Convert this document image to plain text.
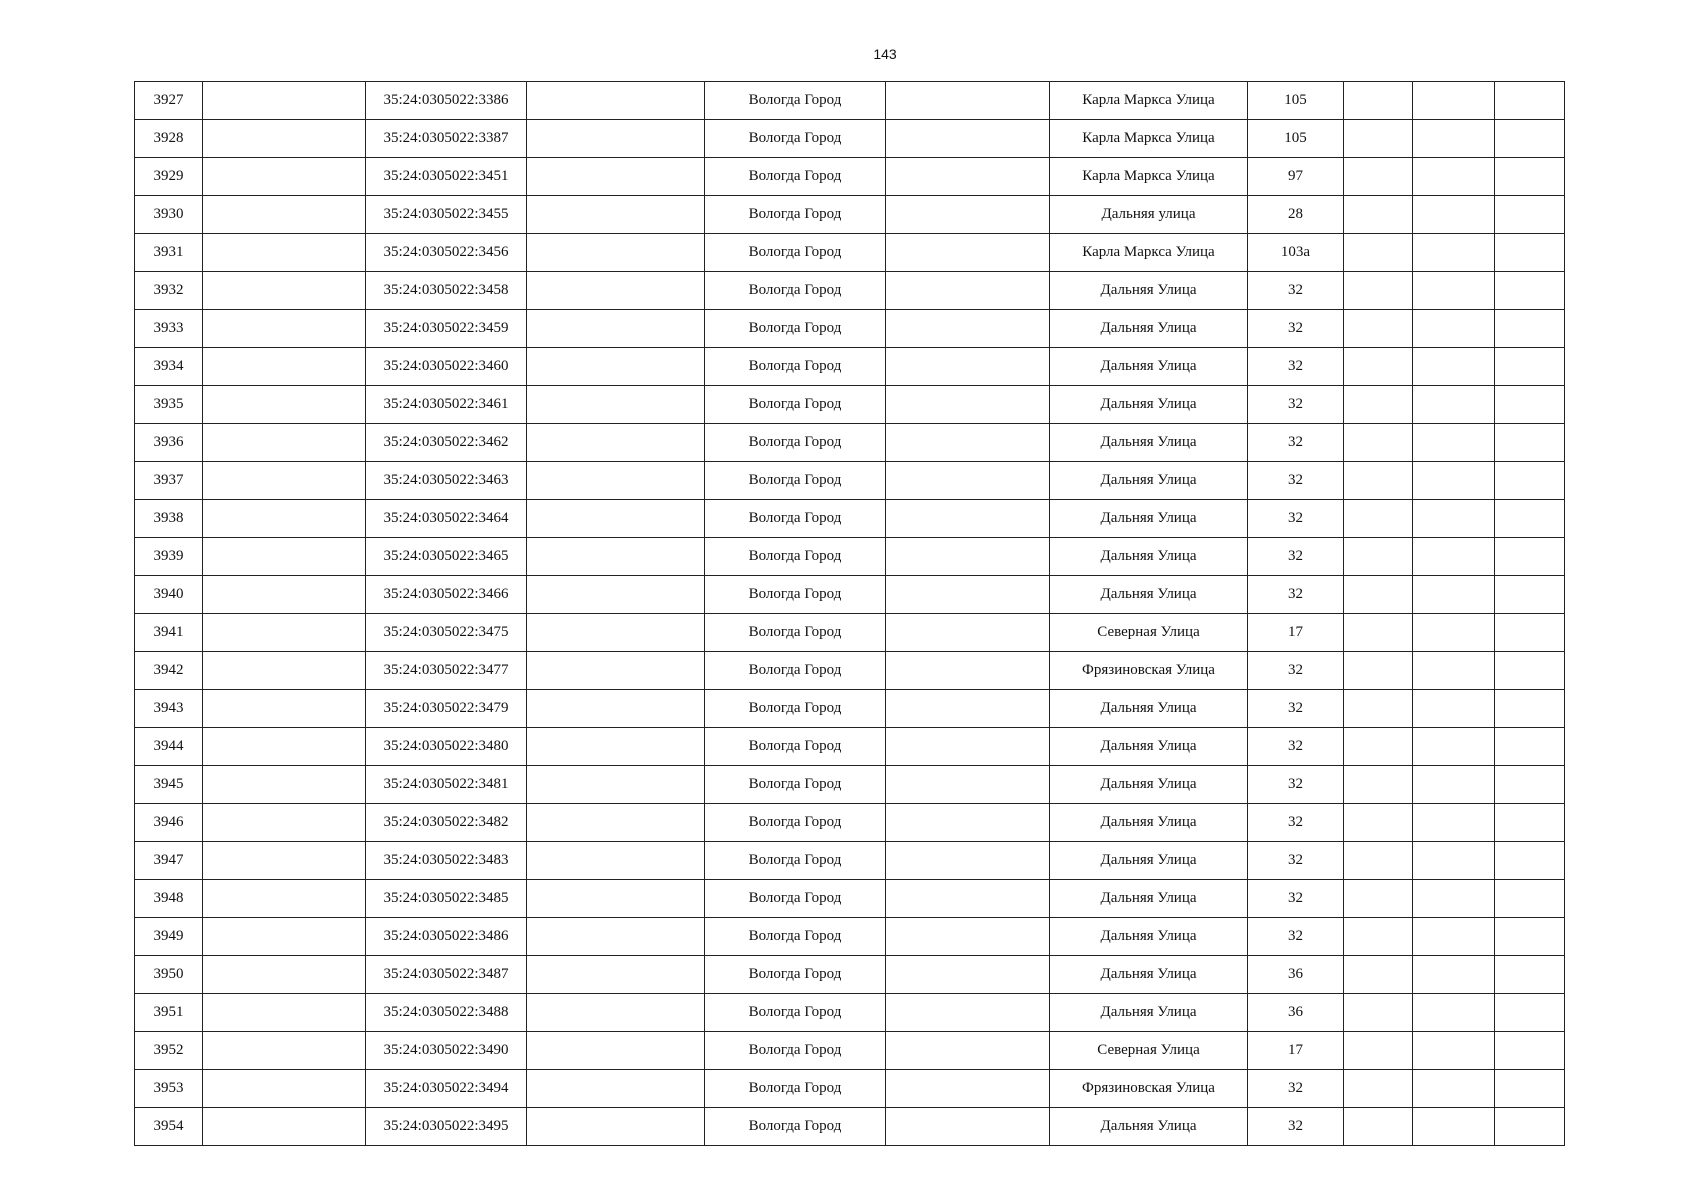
143
3927		35:24:0305022:3386		Вологда Город		Карла Маркса Улица	105			
3928		35:24:0305022:3387		Вологда Город		Карла Маркса Улица	105			
3929		35:24:0305022:3451		Вологда Город		Карла Маркса Улица	97			
3930		35:24:0305022:3455		Вологда Город		Дальняя улица	28			
3931		35:24:0305022:3456		Вологда Город		Карла Маркса Улица	103а			
3932		35:24:0305022:3458		Вологда Город		Дальняя Улица	32			
3933		35:24:0305022:3459		Вологда Город		Дальняя Улица	32			
3934		35:24:0305022:3460		Вологда Город		Дальняя Улица	32			
3935		35:24:0305022:3461		Вологда Город		Дальняя Улица	32			
3936		35:24:0305022:3462		Вологда Город		Дальняя Улица	32			
3937		35:24:0305022:3463		Вологда Город		Дальняя Улица	32			
3938		35:24:0305022:3464		Вологда Город		Дальняя Улица	32			
3939		35:24:0305022:3465		Вологда Город		Дальняя Улица	32			
3940		35:24:0305022:3466		Вологда Город		Дальняя Улица	32			
3941		35:24:0305022:3475		Вологда Город		Северная Улица	17			
3942		35:24:0305022:3477		Вологда Город		Фрязиновская Улица	32			
3943		35:24:0305022:3479		Вологда Город		Дальняя Улица	32			
3944		35:24:0305022:3480		Вологда Город		Дальняя Улица	32			
3945		35:24:0305022:3481		Вологда Город		Дальняя Улица	32			
3946		35:24:0305022:3482		Вологда Город		Дальняя Улица	32			
3947		35:24:0305022:3483		Вологда Город		Дальняя Улица	32			
3948		35:24:0305022:3485		Вологда Город		Дальняя Улица	32			
3949		35:24:0305022:3486		Вологда Город		Дальняя Улица	32			
3950		35:24:0305022:3487		Вологда Город		Дальняя Улица	36			
3951		35:24:0305022:3488		Вологда Город		Дальняя Улица	36			
3952		35:24:0305022:3490		Вологда Город		Северная Улица	17			
3953		35:24:0305022:3494		Вологда Город		Фрязиновская Улица	32			
3954		35:24:0305022:3495		Вологда Город		Дальняя Улица	32			
